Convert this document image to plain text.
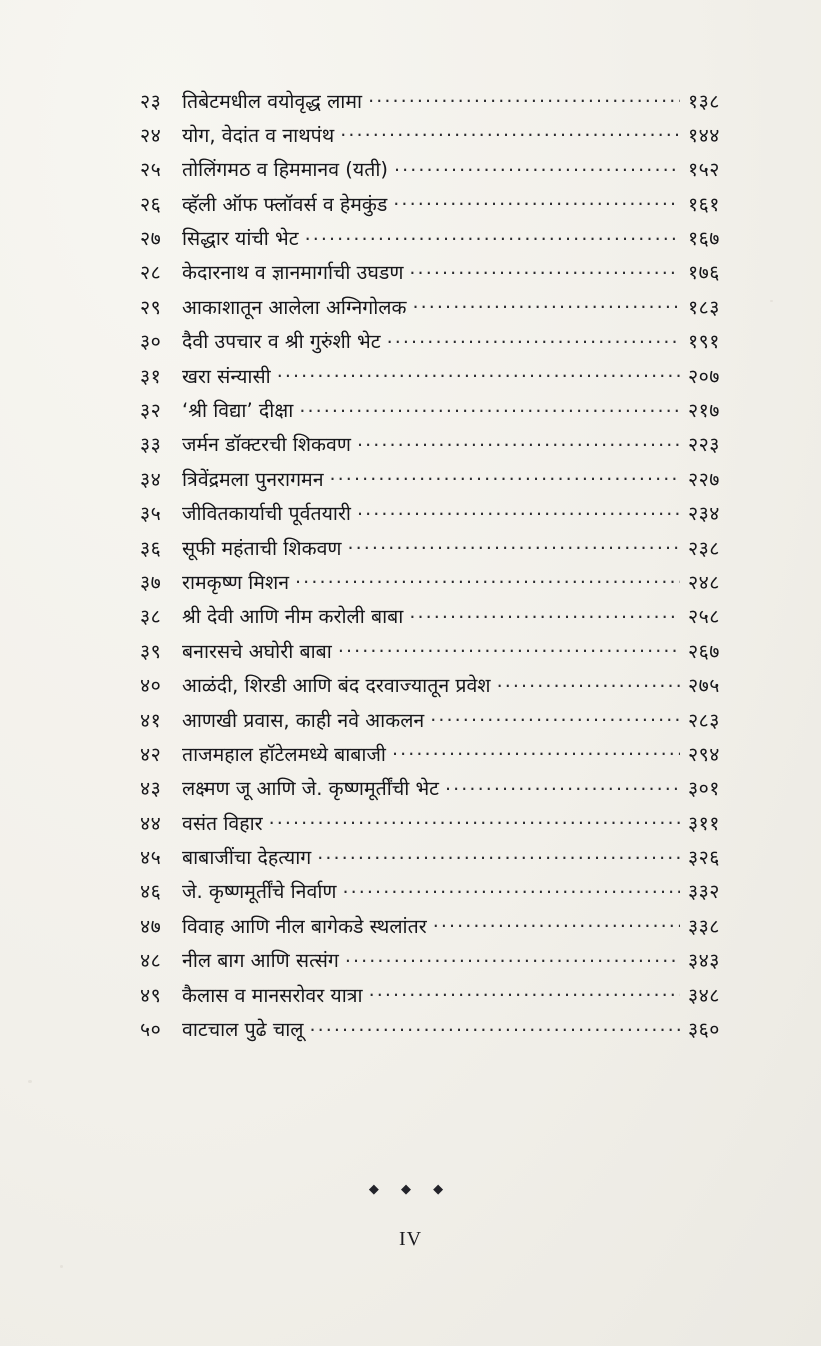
२३	तिबेटमधील वयोवृद्ध लामा .....	१३८
२४	योग, वेदांत व नाथपंथ .....	१४४
२५	तोलिंगमठ व हिममानव (यती) .....	१५२
२६	व्हॅली ऑफ फ्लॉवर्स व हेमकुंड .....	१६१
२७	सिद्धार यांची भेट .....	१६७
२८	केदारनाथ व ज्ञानमार्गाची उघडण .....	१७६
२९	आकाशातून आलेला अग्निगोलक .....	१८३
३०	दैवी उपचार व श्री गुरुंशी भेट .....	१९१
३१	खरा संन्यासी .....	२०७
३२	‘श्री विद्या’ दीक्षा .....	२१७
३३	जर्मन डॉक्टरची शिकवण .....	२२३
३४	त्रिवेंद्रमला पुनरागमन .....	२२७
३५	जीवितकार्याची पूर्वतयारी .....	२३४
३६	सूफी महंताची शिकवण .....	२३८
३७	रामकृष्ण मिशन .....	२४८
३८	श्री देवी आणि नीम करोली बाबा .....	२५८
३९	बनारसचे अघोरी बाबा .....	२६७
४०	आळंदी, शिरडी आणि बंद दरवाज्यातून प्रवेश .....	२७५
४१	आणखी प्रवास, काही नवे आकलन .....	२८३
४२	ताजमहाल हॉटेलमध्ये बाबाजी .....	२९४
४३	लक्ष्मण जू आणि जे. कृष्णमूर्तींची भेट .....	३०१
४४	वसंत विहार .....	३११
४५	बाबाजींचा देहत्याग .....	३२६
४६	जे. कृष्णमूर्तींचे निर्वाण .....	३३२
४७	विवाह आणि नील बागेकडे स्थलांतर .....	३३८
४८	नील बाग आणि सत्संग .....	३४३
४९	कैलास व मानसरोवर यात्रा .....	३४८
५०	वाटचाल पुढे चालू .....	३६०
◆ ◆ ◆
IV
